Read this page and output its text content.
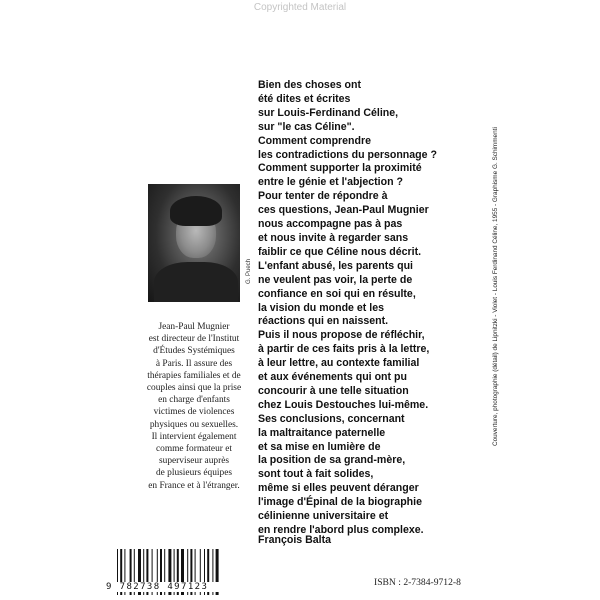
Copyrighted Material
G. Puech
Jean-Paul Mugnier
est directeur de l'Institut
d'Études Systémiques
à Paris. Il assure des
thérapies familiales et de
couples ainsi que la prise
en charge d'enfants
victimes de violences
physiques ou sexuelles.
Il intervient également
comme formateur et
superviseur auprès
de plusieurs équipes
en France et à l'étranger.
Bien des choses ont
été dites et écrites
sur Louis-Ferdinand Céline,
sur "le cas Céline".
Comment comprendre
les contradictions du personnage ?
Comment supporter la proximité
entre le génie et l'abjection ?
Pour tenter de répondre à
ces questions, Jean-Paul Mugnier
nous accompagne pas à pas
et nous invite à regarder sans
faiblir ce que Céline nous décrit.
L'enfant abusé, les parents qui
ne veulent pas voir, la perte de
confiance en soi qui en résulte,
la vision du monde et les
réactions qui en naissent.
Puis il nous propose de réfléchir,
à partir de ces faits pris à la lettre,
à leur lettre, au contexte familial
et aux événements qui ont pu
concourir à une telle situation
chez Louis Destouches lui-même.
Ses conclusions, concernant
la maltraitance paternelle
et sa mise en lumière de
la position de sa grand-mère,
sont tout à fait solides,
même si elles peuvent déranger
l'image d'Épinal de la biographie
célinienne universitaire et
en rendre l'abord plus complexe.
François Balta
Couverture, photographie (détail) de Lipnitzki - Violet - Louis Ferdinand Céline, 1955 - Graphisme G. Schimmenti
9 782738 497123	ISBN : 2-7384-9712-8
